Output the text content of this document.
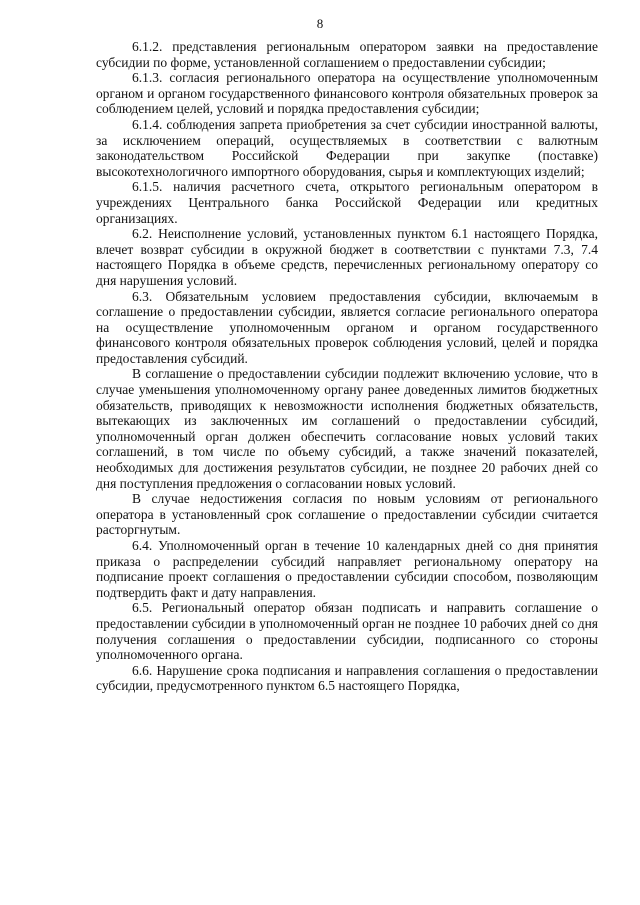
8

6.1.2. представления региональным оператором заявки на предоставление субсидии по форме, установленной соглашением о предоставлении субсидии;

6.1.3. согласия регионального оператора на осуществление уполномоченным органом и органом государственного финансового контроля обязательных проверок за соблюдением целей, условий и порядка предоставления субсидии;

6.1.4. соблюдения запрета приобретения за счет субсидии иностранной валюты, за исключением операций, осуществляемых в соответствии с валютным законодательством Российской Федерации при закупке (поставке) высокотехнологичного импортного оборудования, сырья и комплектующих изделий;

6.1.5. наличия расчетного счета, открытого региональным оператором в учреждениях Центрального банка Российской Федерации или кредитных организациях.

6.2. Неисполнение условий, установленных пунктом 6.1 настоящего Порядка, влечет возврат субсидии в окружной бюджет в соответствии с пунктами 7.3, 7.4 настоящего Порядка в объеме средств, перечисленных региональному оператору со дня нарушения условий.

6.3. Обязательным условием предоставления субсидии, включаемым в соглашение о предоставлении субсидии, является согласие регионального оператора на осуществление уполномоченным органом и органом государственного финансового контроля обязательных проверок соблюдения условий, целей и порядка предоставления субсидий.

В соглашение о предоставлении субсидии подлежит включению условие, что в случае уменьшения уполномоченному органу ранее доведенных лимитов бюджетных обязательств, приводящих к невозможности исполнения бюджетных обязательств, вытекающих из заключенных им соглашений о предоставлении субсидий, уполномоченный орган должен обеспечить согласование новых условий таких соглашений, в том числе по объему субсидий, а также значений показателей, необходимых для достижения результатов субсидии, не позднее 20 рабочих дней со дня поступления предложения о согласовании новых условий.

В случае недостижения согласия по новым условиям от регионального оператора в установленный срок соглашение о предоставлении субсидии считается расторгнутым.

6.4. Уполномоченный орган в течение 10 календарных дней со дня принятия приказа о распределении субсидий направляет региональному оператору на подписание проект соглашения о предоставлении субсидии способом, позволяющим подтвердить факт и дату направления.

6.5. Региональный оператор обязан подписать и направить соглашение о предоставлении субсидии в уполномоченный орган не позднее 10 рабочих дней со дня получения соглашения о предоставлении субсидии, подписанного со стороны уполномоченного органа.

6.6. Нарушение срока подписания и направления соглашения о предоставлении субсидии, предусмотренного пунктом 6.5 настоящего Порядка,
